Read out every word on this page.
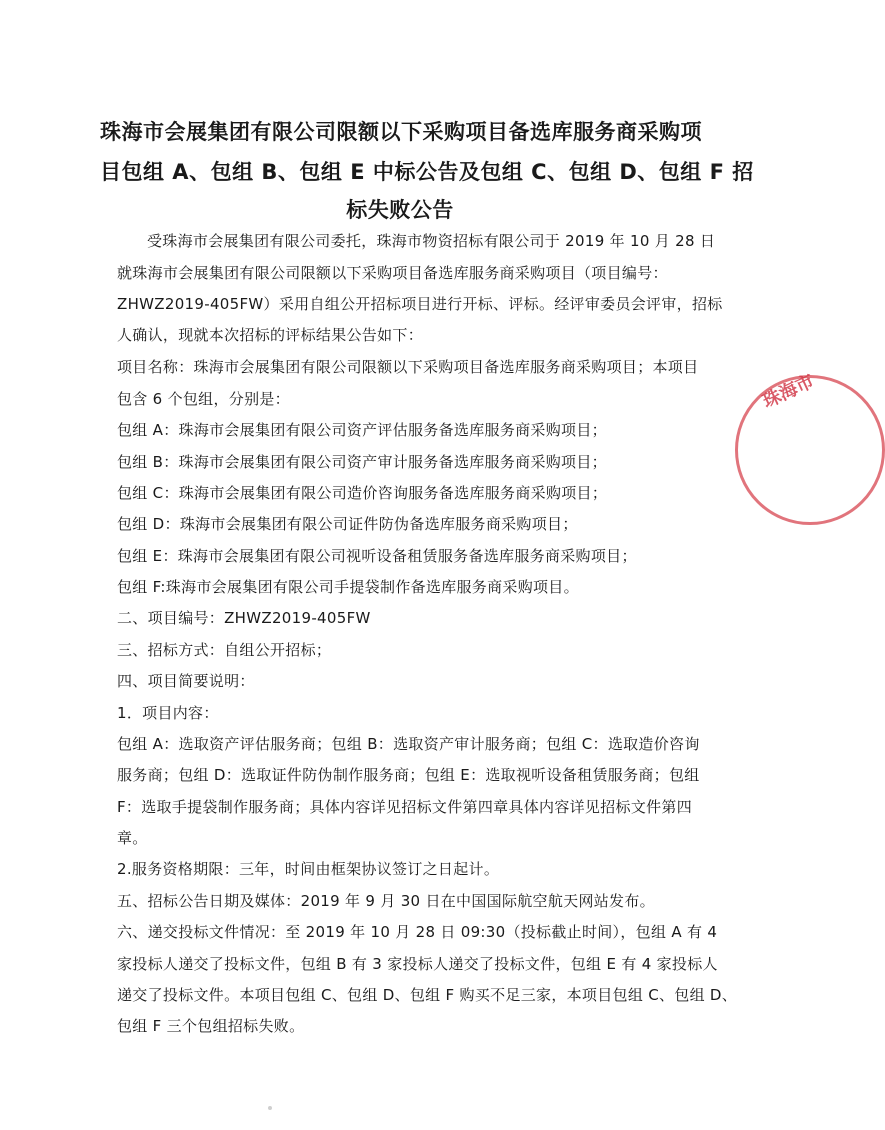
珠海市会展集团有限公司限额以下采购项目备选库服务商采购项
目包组 A、包组 B、包组 E 中标公告及包组 C、包组 D、包组 F 招
标失败公告
受珠海市会展集团有限公司委托，珠海市物资招标有限公司于 2019 年 10 月 28 日
就珠海市会展集团有限公司限额以下采购项目备选库服务商采购项目（项目编号：
ZHWZ2019-405FW）采用自组公开招标项目进行开标、评标。经评审委员会评审，招标
人确认，现就本次招标的评标结果公告如下：
项目名称：珠海市会展集团有限公司限额以下采购项目备选库服务商采购项目；本项目
包含 6 个包组，分别是：
包组 A：珠海市会展集团有限公司资产评估服务备选库服务商采购项目；
包组 B：珠海市会展集团有限公司资产审计服务备选库服务商采购项目；
包组 C：珠海市会展集团有限公司造价咨询服务备选库服务商采购项目；
包组 D：珠海市会展集团有限公司证件防伪备选库服务商采购项目；
包组 E：珠海市会展集团有限公司视听设备租赁服务备选库服务商采购项目；
包组 F:珠海市会展集团有限公司手提袋制作备选库服务商采购项目。
二、项目编号：ZHWZ2019-405FW
三、招标方式：自组公开招标；
四、项目简要说明：
1．项目内容：
包组 A：选取资产评估服务商；包组 B：选取资产审计服务商；包组 C：选取造价咨询
服务商；包组 D：选取证件防伪制作服务商；包组 E：选取视听设备租赁服务商；包组
F：选取手提袋制作服务商；具体内容详见招标文件第四章具体内容详见招标文件第四
章。
2.服务资格期限：三年，时间由框架协议签订之日起计。
五、招标公告日期及媒体：2019 年 9 月 30 日在中国国际航空航天网站发布。
六、递交投标文件情况：至 2019 年 10 月 28 日 09:30（投标截止时间），包组 A 有 4
家投标人递交了投标文件，包组 B 有 3 家投标人递交了投标文件，包组 E 有 4 家投标人
递交了投标文件。本项目包组 C、包组 D、包组 F 购买不足三家，本项目包组 C、包组 D、
包组 F 三个包组招标失败。
珠海市
